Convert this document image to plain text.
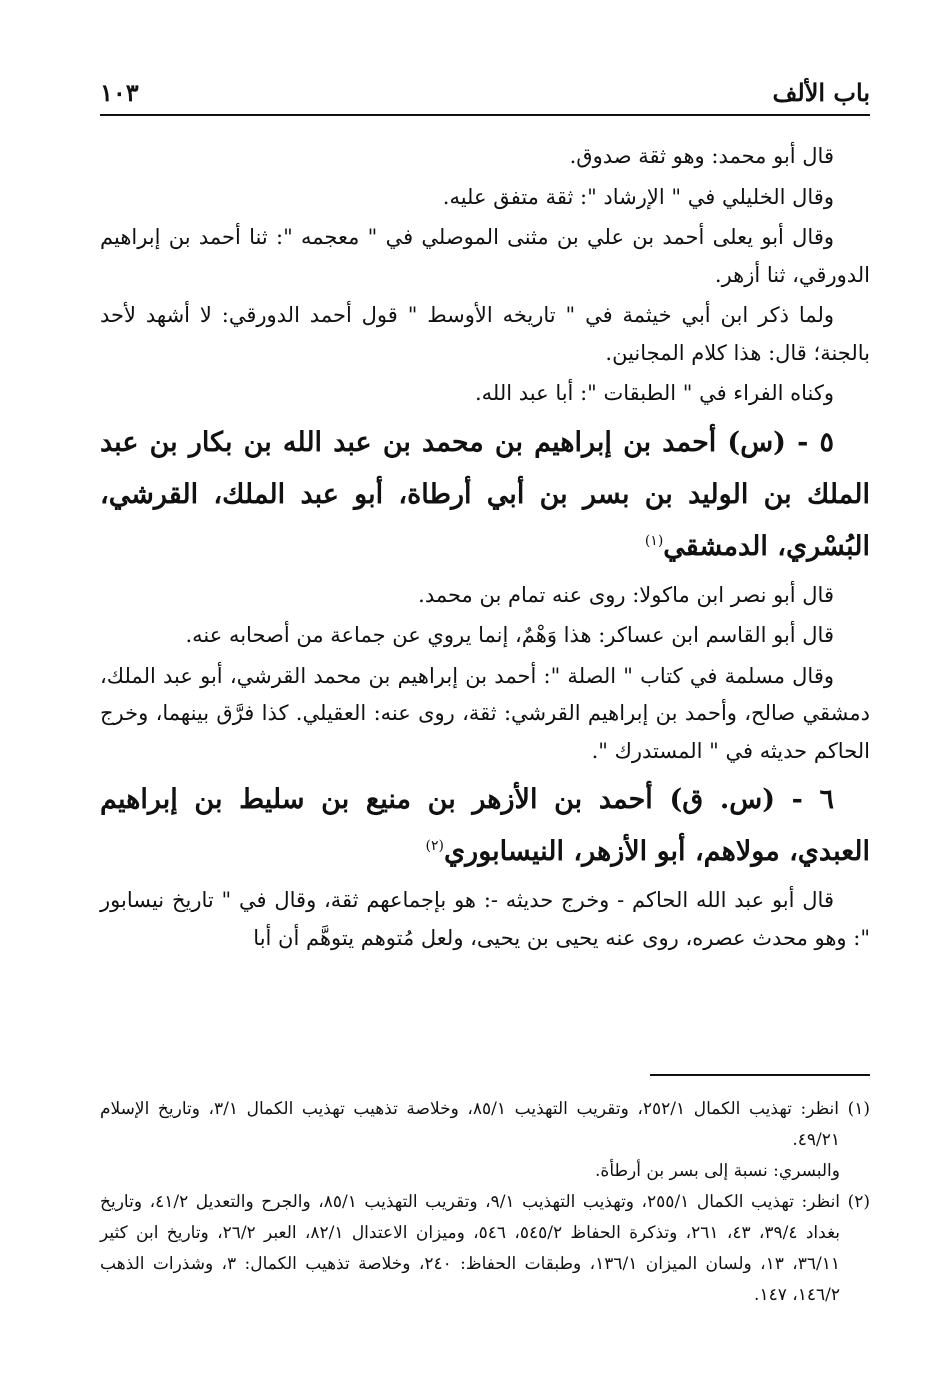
باب الألف
١٠٣

قال أبو محمد: وهو ثقة صدوق.

وقال الخليلي في " الإرشاد ": ثقة متفق عليه.

وقال أبو يعلى أحمد بن علي بن مثنى الموصلي في " معجمه ": ثنا أحمد بن إبراهيم الدورقي، ثنا أزهر.

ولما ذكر ابن أبي خيثمة في " تاريخه الأوسط " قول أحمد الدورقي: لا أشهد لأحد بالجنة؛ قال: هذا كلام المجانين.

وكناه الفراء في " الطبقات ": أبا عبد الله.

٥ - (س) أحمد بن إبراهيم بن محمد بن عبد الله بن بكار بن عبد الملك بن الوليد بن بسر بن أبي أرطاة، أبو عبد الملك، القرشي، البُسْري، الدمشقي$^{(١)}$

قال أبو نصر ابن ماكولا: روى عنه تمام بن محمد.

قال أبو القاسم ابن عساكر: هذا وَهْمٌ، إنما يروي عن جماعة من أصحابه عنه.

وقال مسلمة في كتاب " الصلة ": أحمد بن إبراهيم بن محمد القرشي، أبو عبد الملك، دمشقي صالح، وأحمد بن إبراهيم القرشي: ثقة، روى عنه: العقيلي. كذا فرَّق بينهما، وخرج الحاكم حديثه في " المستدرك ".

٦ - (س. ق) أحمد بن الأزهر بن منيع بن سليط بن إبراهيم العبدي، مولاهم، أبو الأزهر، النيسابوري$^{(٢)}$

قال أبو عبد الله الحاكم - وخرج حديثه -: هو بإجماعهم ثقة، وقال في " تاريخ نيسابور ": وهو محدث عصره، روى عنه يحيى بن يحيى، ولعل مُتوهم يتوهَّم أن أبا

(١) انظر: تهذيب الكمال ٢٥٢/١، وتقريب التهذيب ٨٥/١، وخلاصة تذهيب تهذيب الكمال ٣/١، وتاريخ الإسلام ٤٩/٢١.

والبسري: نسبة إلى بسر بن أرطأة.

(٢) انظر: تهذيب الكمال ٢٥٥/١، وتهذيب التهذيب ٩/١، وتقريب التهذيب ٨٥/١، والجرح والتعديل ٤١/٢، وتاريخ بغداد ٣٩/٤، ٤٣، ٢٦١، وتذكرة الحفاظ ٥٤٥/٢، ٥٤٦، وميزان الاعتدال ٨٢/١، العبر ٢٦/٢، وتاريخ ابن كثير ٣٦/١١، ١٣، ولسان الميزان ١٣٦/١، وطبقات الحفاظ: ٢٤٠، وخلاصة تذهيب الكمال: ٣، وشذرات الذهب ١٤٦/٢، ١٤٧.
